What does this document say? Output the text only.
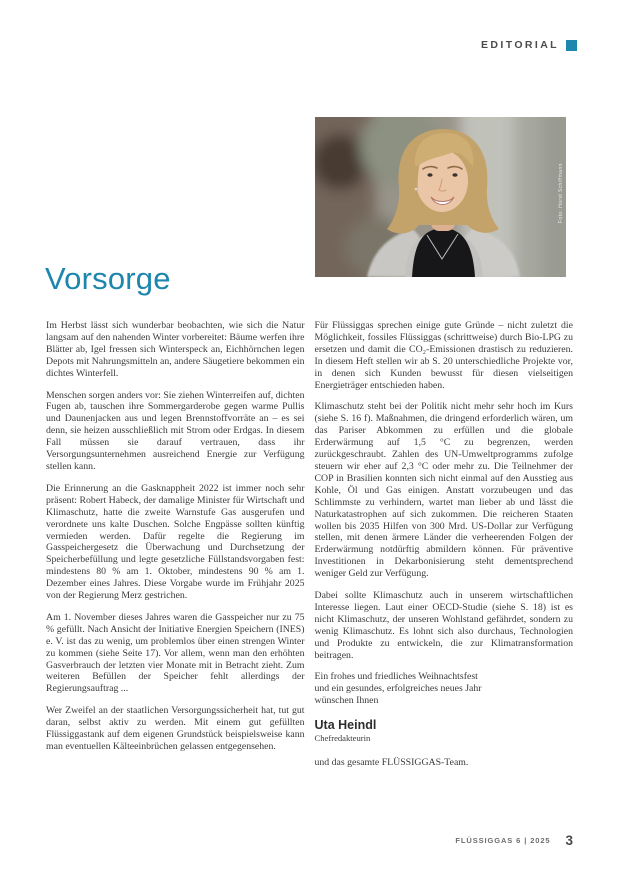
EDITORIAL
Foto: Horst Schiffmann
Vorsorge

Im Herbst lässt sich wunderbar beobachten, wie sich die Natur langsam auf den nahenden Winter vorbereitet: Bäume werfen ihre Blätter ab, Igel fressen sich Winterspeck an, Eichhörnchen legen Depots mit Nahrungsmitteln an, andere Säugetiere bekommen ein dichtes Winterfell.

Menschen sorgen anders vor: Sie ziehen Winterreifen auf, dichten Fugen ab, tauschen ihre Sommergarderobe gegen warme Pullis und Daunenjacken aus und legen Brennstoffvorräte an – es sei denn, sie heizen ausschließlich mit Strom oder Erdgas. In diesem Fall müssen sie darauf vertrauen, dass ihr Versorgungsunternehmen ausreichend Energie zur Verfügung stellen kann.

Die Erinnerung an die Gasknappheit 2022 ist immer noch sehr präsent: Robert Habeck, der damalige Minister für Wirtschaft und Klimaschutz, hatte die zweite Warnstufe Gas ausgerufen und verordnete uns kalte Duschen. Solche Engpässe sollten künftig vermieden werden. Dafür regelte die Regierung im Gasspeichergesetz die Überwachung und Durchsetzung der Speicherbefüllung und legte gesetzliche Füllstandsvorgaben fest: mindestens 80 % am 1. Oktober, mindestens 90 % am 1. Dezember eines Jahres. Diese Vorgabe wurde im Frühjahr 2025 von der Regierung Merz gestrichen.

Am 1. November dieses Jahres waren die Gasspeicher nur zu 75 % gefüllt. Nach Ansicht der Initiative Energien Speichern (INES) e. V. ist das zu wenig, um problemlos über einen strengen Winter zu kommen (siehe Seite 17). Vor allem, wenn man den erhöhten Gasverbrauch der letzten vier Monate mit in Betracht zieht. Zum weiteren Befüllen der Speicher fehlt allerdings der Regierungsauftrag ...

Wer Zweifel an der staatlichen Versorgungssicherheit hat, tut gut daran, selbst aktiv zu werden. Mit einem gut gefüllten Flüssiggastank auf dem eigenen Grundstück beispielsweise kann man eventuellen Kälteeinbrüchen gelassen entgegensehen.

Für Flüssiggas sprechen einige gute Gründe – nicht zuletzt die Möglichkeit, fossiles Flüssiggas (schrittweise) durch Bio-LPG zu ersetzen und damit die CO₂-Emissionen drastisch zu reduzieren. In diesem Heft stellen wir ab S. 20 unterschiedliche Projekte vor, in denen sich Kunden bewusst für diesen vielseitigen Energieträger entschieden haben.

Klimaschutz steht bei der Politik nicht mehr sehr hoch im Kurs (siehe S. 16 f). Maßnahmen, die dringend erforderlich wären, um das Pariser Abkommen zu erfüllen und die globale Erderwärmung auf 1,5 °C zu begrenzen, werden zurückgeschraubt. Zahlen des UN-Umweltprogramms zufolge steuern wir eher auf 2,3 °C oder mehr zu. Die Teilnehmer der COP in Brasilien konnten sich nicht einmal auf den Ausstieg aus Kohle, Öl und Gas einigen. Anstatt vorzubeugen und das Schlimmste zu verhindern, wartet man lieber ab und lässt die Naturkatastrophen auf sich zukommen. Die reicheren Staaten wollen bis 2035 Hilfen von 300 Mrd. US-Dollar zur Verfügung stellen, mit denen ärmere Länder die verheerenden Folgen der Erderwärmung notdürftig abmildern können. Für präventive Investitionen in Dekarbonisierung steht dementsprechend weniger Geld zur Verfügung.

Dabei sollte Klimaschutz auch in unserem wirtschaftlichen Interesse liegen. Laut einer OECD-Studie (siehe S. 18) ist es nicht Klimaschutz, der unseren Wohlstand gefährdet, sondern zu wenig Klimaschutz. Es lohnt sich also durchaus, Technologien und Produkte zu entwickeln, die zur Klimatransformation beitragen.

Ein frohes und friedliches Weihnachtsfest

und ein gesundes, erfolgreiches neues Jahr

wünschen Ihnen

Uta Heindl
Chefredakteurin
und das gesamte FLÜSSIGGAS-Team.
FLÜSSIGGAS 6 | 2025 3
